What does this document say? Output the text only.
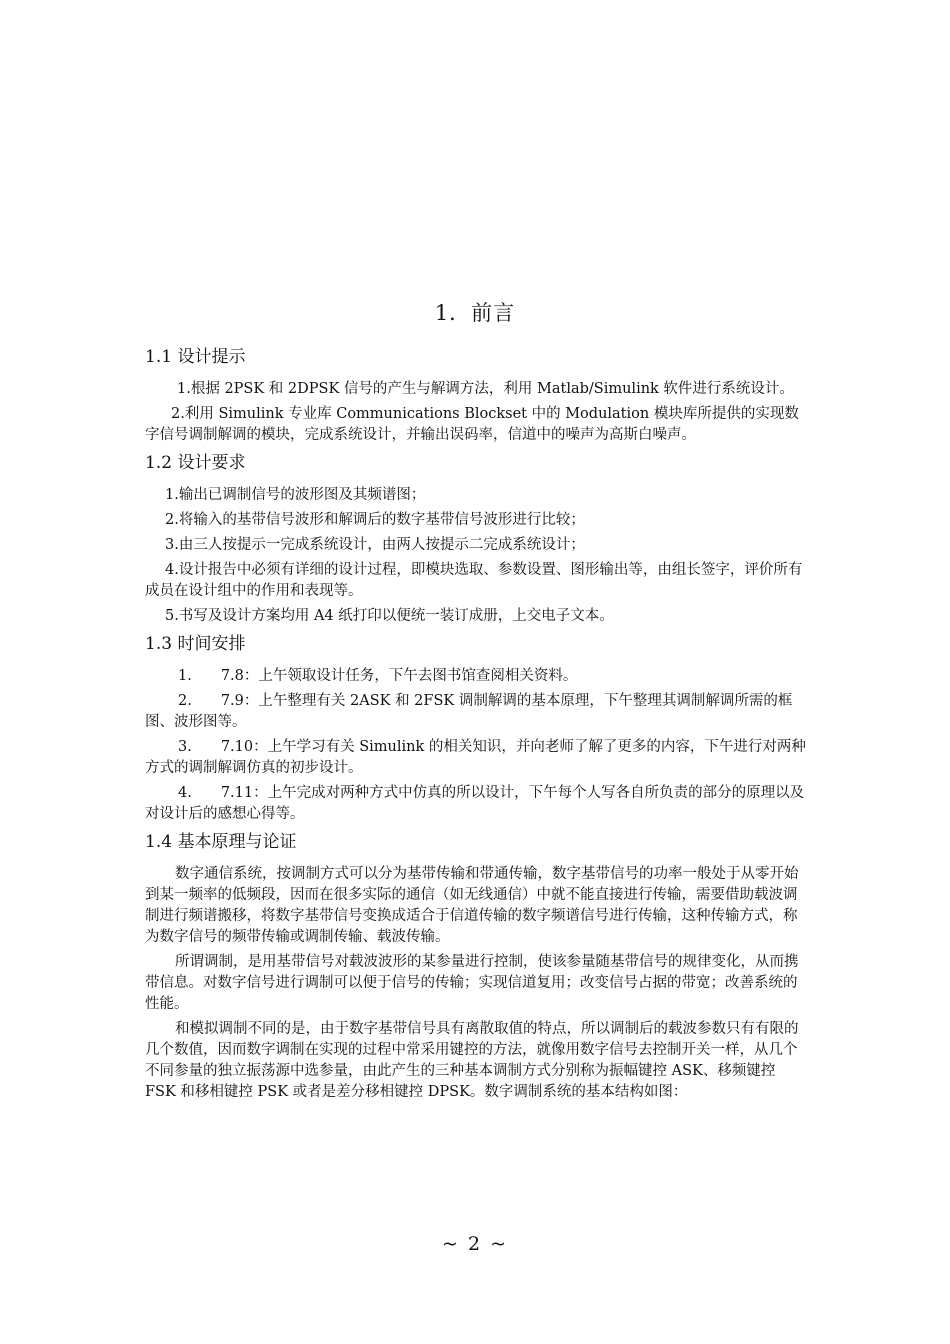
1．前言
1.1 设计提示

1.根据 2PSK 和 2DPSK 信号的产生与解调方法，利用 Matlab/Simulink 软件进行系统设计。

2.利用 Simulink 专业库 Communications Blockset 中的 Modulation 模块库所提供的实现数字信号调制解调的模块，完成系统设计，并输出误码率，信道中的噪声为高斯白噪声。

1.2 设计要求

1.输出已调制信号的波形图及其频谱图；

2.将输入的基带信号波形和解调后的数字基带信号波形进行比较；

3.由三人按提示一完成系统设计，由两人按提示二完成系统设计；

4.设计报告中必须有详细的设计过程，即模块选取、参数设置、图形输出等，由组长签字，评价所有成员在设计组中的作用和表现等。

5.书写及设计方案均用 A4 纸打印以便统一装订成册，上交电子文本。

1.3 时间安排

1.　　7.8：上午领取设计任务，下午去图书馆查阅相关资料。

2.　　7.9：上午整理有关 2ASK 和 2FSK 调制解调的基本原理，下午整理其调制解调所需的框图、波形图等。

3.　　7.10：上午学习有关 Simulink 的相关知识，并向老师了解了更多的内容，下午进行对两种方式的调制解调仿真的初步设计。

4.　　7.11：上午完成对两种方式中仿真的所以设计，下午每个人写各自所负责的部分的原理以及对设计后的感想心得等。

1.4 基本原理与论证

数字通信系统，按调制方式可以分为基带传输和带通传输，数字基带信号的功率一般处于从零开始到某一频率的低频段，因而在很多实际的通信（如无线通信）中就不能直接进行传输，需要借助载波调制进行频谱搬移，将数字基带信号变换成适合于信道传输的数字频谱信号进行传输，这种传输方式，称为数字信号的频带传输或调制传输、载波传输。

所谓调制，是用基带信号对载波波形的某参量进行控制，使该参量随基带信号的规律变化，从而携带信息。对数字信号进行调制可以便于信号的传输；实现信道复用；改变信号占据的带宽；改善系统的性能。

和模拟调制不同的是，由于数字基带信号具有离散取值的特点，所以调制后的载波参数只有有限的几个数值，因而数字调制在实现的过程中常采用键控的方法，就像用数字信号去控制开关一样，从几个不同参量的独立振荡源中选参量，由此产生的三种基本调制方式分别称为振幅键控 ASK、移频键控 FSK 和移相键控 PSK 或者是差分移相键控 DPSK。数字调制系统的基本结构如图：

~ 2 ~
